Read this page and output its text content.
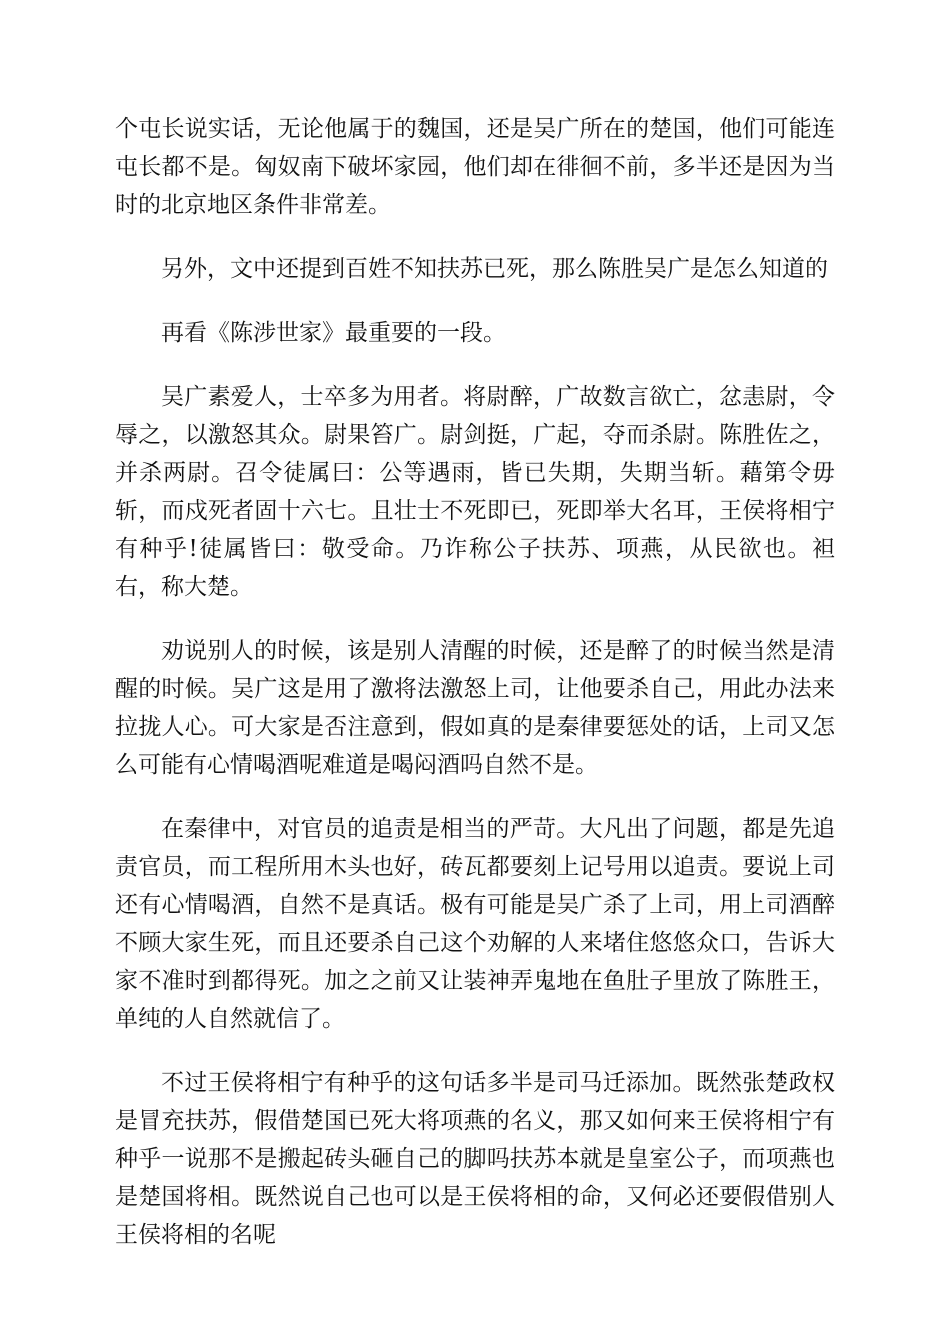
个屯长说实话，无论他属于的魏国，还是吴广所在的楚国，他们可能连屯长都不是。匈奴南下破坏家园，他们却在徘徊不前，多半还是因为当时的北京地区条件非常差。

另外，文中还提到百姓不知扶苏已死，那么陈胜吴广是怎么知道的

再看《陈涉世家》最重要的一段。

吴广素爱人，士卒多为用者。将尉醉，广故数言欲亡，忿恚尉，令辱之，以激怒其众。尉果笞广。尉剑挺，广起，夺而杀尉。陈胜佐之，并杀两尉。召令徒属曰：公等遇雨，皆已失期，失期当斩。藉第令毋斩，而戍死者固十六七。且壮士不死即已，死即举大名耳，王侯将相宁有种乎!徒属皆曰：敬受命。乃诈称公子扶苏、项燕，从民欲也。袒右，称大楚。

劝说别人的时候，该是别人清醒的时候，还是醉了的时候当然是清醒的时候。吴广这是用了激将法激怒上司，让他要杀自己，用此办法来拉拢人心。可大家是否注意到，假如真的是秦律要惩处的话，上司又怎么可能有心情喝酒呢难道是喝闷酒吗自然不是。

在秦律中，对官员的追责是相当的严苛。大凡出了问题，都是先追责官员，而工程所用木头也好，砖瓦都要刻上记号用以追责。要说上司还有心情喝酒，自然不是真话。极有可能是吴广杀了上司，用上司酒醉不顾大家生死，而且还要杀自己这个劝解的人来堵住悠悠众口，告诉大家不准时到都得死。加之之前又让装神弄鬼地在鱼肚子里放了陈胜王，单纯的人自然就信了。

不过王侯将相宁有种乎的这句话多半是司马迁添加。既然张楚政权是冒充扶苏，假借楚国已死大将项燕的名义，那又如何来王侯将相宁有种乎一说那不是搬起砖头砸自己的脚吗扶苏本就是皇室公子，而项燕也是楚国将相。既然说自己也可以是王侯将相的命，又何必还要假借别人王侯将相的名呢
